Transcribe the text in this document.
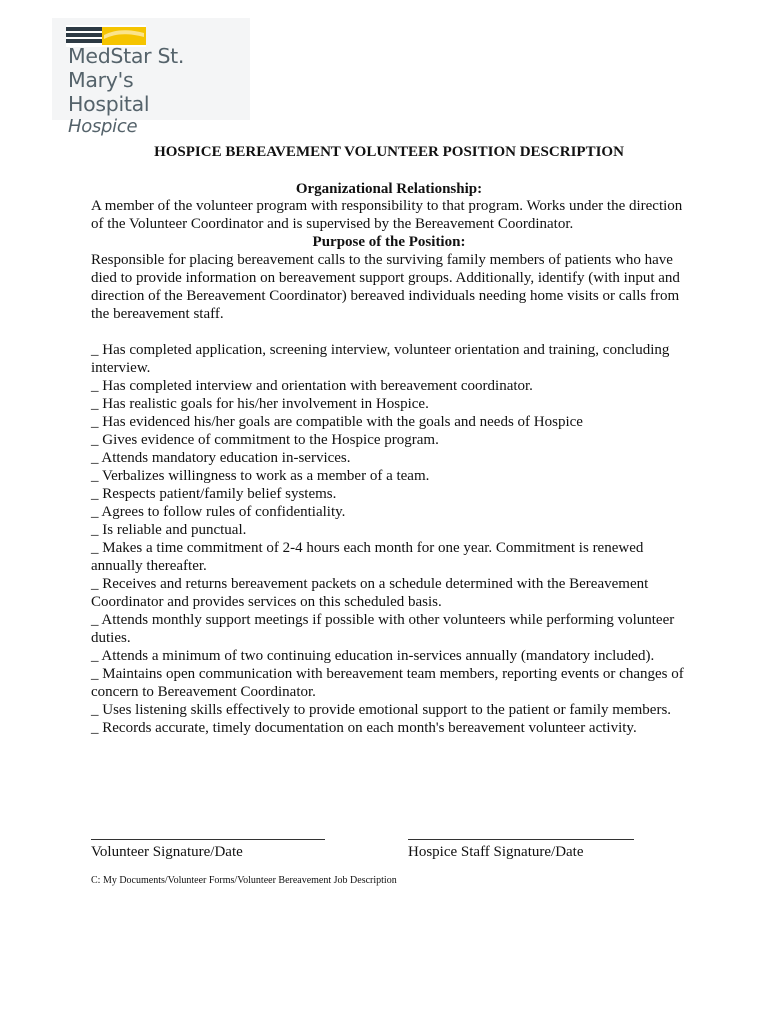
MedStar St. Mary's
Hospital
Hospice
HOSPICE BEREAVEMENT VOLUNTEER POSITION DESCRIPTION
Organizational Relationship:

A member of the volunteer program with responsibility to that program. Works under the direction of the Volunteer Coordinator and is supervised by the Bereavement Coordinator.

Purpose of the Position:

Responsible for placing bereavement calls to the surviving family members of patients who have died to provide information on bereavement support groups. Additionally, identify (with input and direction of the Bereavement Coordinator) bereaved individuals needing home visits or calls from the bereavement staff.

_ Has completed application, screening interview, volunteer orientation and training, concluding interview.
_ Has completed interview and orientation with bereavement coordinator.
_ Has realistic goals for his/her involvement in Hospice.
_ Has evidenced his/her goals are compatible with the goals and needs of Hospice
_ Gives evidence of commitment to the Hospice program.
_ Attends mandatory education in-services.
_ Verbalizes willingness to work as a member of a team.
_ Respects patient/family belief systems.
_ Agrees to follow rules of confidentiality.
_ Is reliable and punctual.
_ Makes a time commitment of 2-4 hours each month for one year. Commitment is renewed annually thereafter.
_ Receives and returns bereavement packets on a schedule determined with the Bereavement Coordinator and provides services on this scheduled basis.
_ Attends monthly support meetings if possible with other volunteers while performing volunteer duties.
_ Attends a minimum of two continuing education in-services annually (mandatory included).
_ Maintains open communication with bereavement team members, reporting events or changes of concern to Bereavement Coordinator.
_ Uses listening skills effectively to provide emotional support to the patient or family members.
_ Records accurate, timely documentation on each month's bereavement volunteer activity.
Volunteer Signature/Date	Hospice Staff Signature/Date
C: My Documents/Volunteer Forms/Volunteer Bereavement Job Description
